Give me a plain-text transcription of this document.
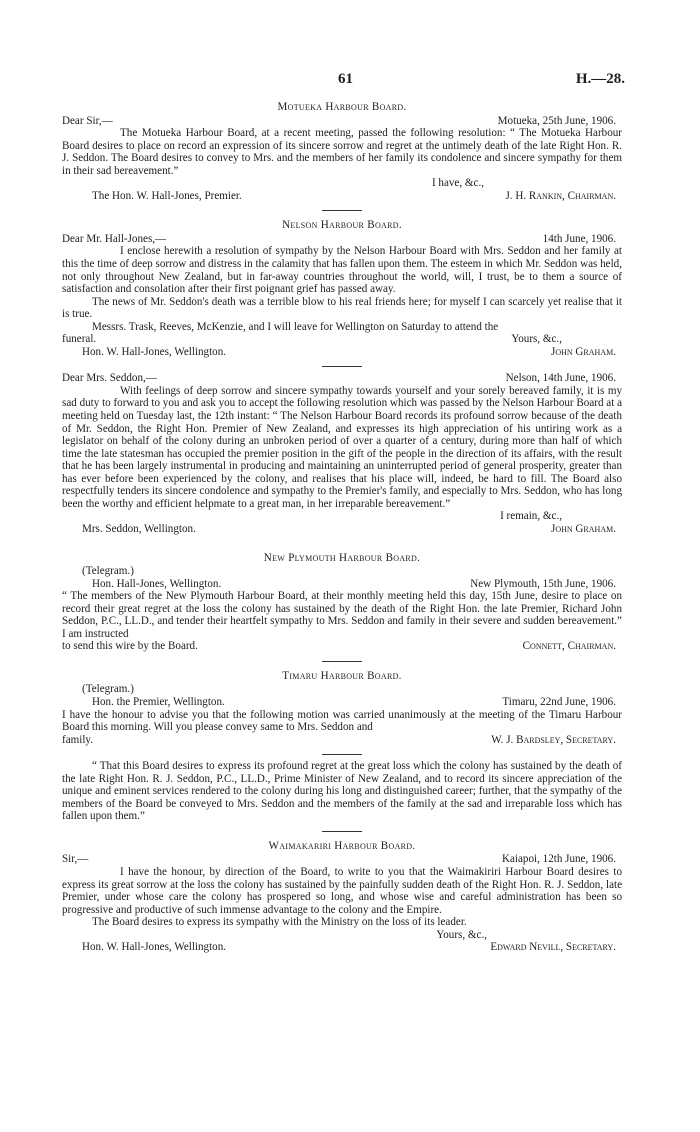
61	H.—28.
Motueka Harbour Board.
Dear Sir,—	Motueka, 25th June, 1906.

The Motueka Harbour Board, at a recent meeting, passed the following resolution: “ The Motueka Harbour Board desires to place on record an expression of its sincere sorrow and regret at the untimely death of the late Right Hon. R. J. Seddon. The Board desires to convey to Mrs. and the members of her family its condolence and sincere sympathy for them in their sad bereavement.”

I have, &c.,
The Hon. W. Hall-Jones, Premier.	J. H. Rankin, Chairman.
Nelson Harbour Board.
Dear Mr. Hall-Jones,—	14th June, 1906.

I enclose herewith a resolution of sympathy by the Nelson Harbour Board with Mrs. Seddon and her family at this the time of deep sorrow and distress in the calamity that has fallen upon them. The esteem in which Mr. Seddon was held, not only throughout New Zealand, but in far-away countries throughout the world, will, I trust, be to them a source of satisfaction and consolation after their first poignant grief has passed away.

The news of Mr. Seddon's death was a terrible blow to his real friends here; for myself I can scarcely yet realise that it is true.

Messrs. Trask, Reeves, McKenzie, and I will leave for Wellington on Saturday to attend the

funeral.	Yours, &c.,
Hon. W. Hall-Jones, Wellington.	John Graham.
Dear Mrs. Seddon,—	Nelson, 14th June, 1906.

With feelings of deep sorrow and sincere sympathy towards yourself and your sorely bereaved family, it is my sad duty to forward to you and ask you to accept the following resolution which was passed by the Nelson Harbour Board at a meeting held on Tuesday last, the 12th instant: “ The Nelson Harbour Board records its profound sorrow because of the death of Mr. Seddon, the Right Hon. Premier of New Zealand, and expresses its high appreciation of his untiring work as a legislator on behalf of the colony during an unbroken period of over a quarter of a century, during more than half of which time the late statesman has occupied the premier position in the gift of the people in the direction of its affairs, with the result that he has been largely instrumental in producing and maintaining an uninterrupted period of general prosperity, greater than has ever before been experienced by the colony, and realises that his place will, indeed, be hard to fill. The Board also respectfully tenders its sincere condolence and sympathy to the Premier's family, and especially to Mrs. Seddon, who has long been the worthy and efficient helpmate to a great man, in her irreparable bereavement.”

I remain, &c.,
Mrs. Seddon, Wellington.	John Graham.
New Plymouth Harbour Board.
(Telegram.)
Hon. Hall-Jones, Wellington.	New Plymouth, 15th June, 1906.

“ The members of the New Plymouth Harbour Board, at their monthly meeting held this day, 15th June, desire to place on record their great regret at the loss the colony has sustained by the death of the Right Hon. the late Premier, Richard John Seddon, P.C., LL.D., and tender their heartfelt sympathy to Mrs. Seddon and family in their severe and sudden bereavement.” I am instructed

to send this wire by the Board.	Connett, Chairman.
Timaru Harbour Board.
(Telegram.)
Hon. the Premier, Wellington.	Timaru, 22nd June, 1906.

I have the honour to advise you that the following motion was carried unanimously at the meeting of the Timaru Harbour Board this morning. Will you please convey same to Mrs. Seddon and

family.	W. J. Bardsley, Secretary.

“ That this Board desires to express its profound regret at the great loss which the colony has sustained by the death of the late Right Hon. R. J. Seddon, P.C., LL.D., Prime Minister of New Zealand, and to record its sincere appreciation of the unique and eminent services rendered to the colony during his long and distinguished career; further, that the sympathy of the members of the Board be conveyed to Mrs. Seddon and the members of the family at the sad and irreparable loss which has fallen upon them.”

Waimakariri Harbour Board.
Sir,—	Kaiapoi, 12th June, 1906.

I have the honour, by direction of the Board, to write to you that the Waimakiriri Harbour Board desires to express its great sorrow at the loss the colony has sustained by the painfully sudden death of the Right Hon. R. J. Seddon, late Premier, under whose care the colony has prospered so long, and whose wise and careful administration has been so progressive and productive of such immense advantage to the colony and the Empire.

The Board desires to express its sympathy with the Ministry on the loss of its leader.

Yours, &c.,
Hon. W. Hall-Jones, Wellington.	Edward Nevill, Secretary.
